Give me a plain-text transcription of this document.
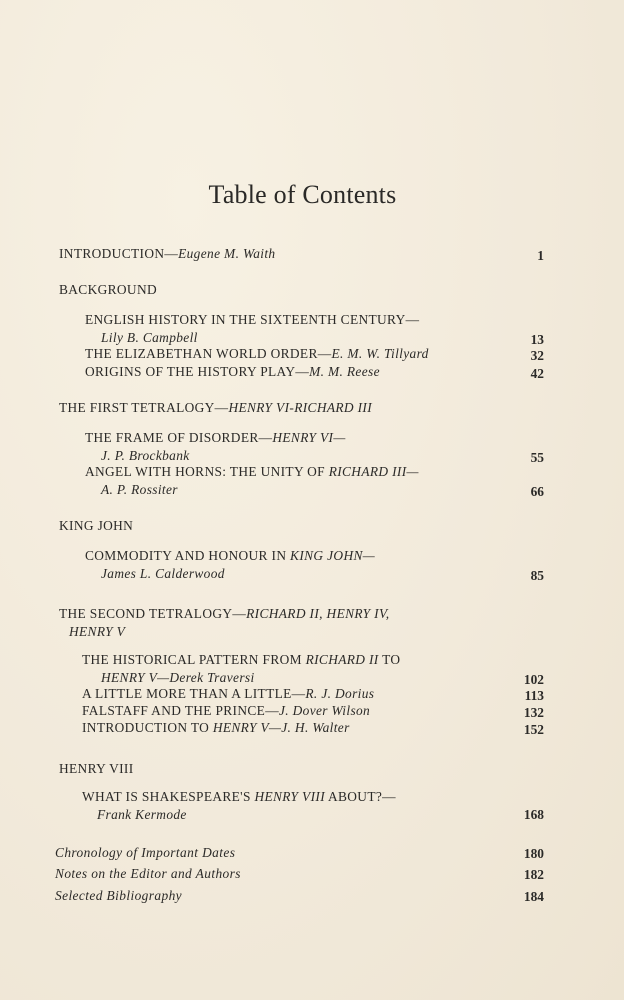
Table of Contents
INTRODUCTION—Eugene M. Waith	1
BACKGROUND
ENGLISH HISTORY IN THE SIXTEENTH CENTURY—
Lily B. Campbell	13
THE ELIZABETHAN WORLD ORDER—E. M. W. Tillyard	32
ORIGINS OF THE HISTORY PLAY—M. M. Reese	42
THE FIRST TETRALOGY—HENRY VI-RICHARD III
THE FRAME OF DISORDER—HENRY VI—
J. P. Brockbank	55
ANGEL WITH HORNS: THE UNITY OF RICHARD III—
A. P. Rossiter	66
KING JOHN
COMMODITY AND HONOUR IN KING JOHN—
James L. Calderwood	85
THE SECOND TETRALOGY—RICHARD II, HENRY IV,
HENRY V
THE HISTORICAL PATTERN FROM RICHARD II TO
HENRY V—Derek Traversi	102
A LITTLE MORE THAN A LITTLE—R. J. Dorius	113
FALSTAFF AND THE PRINCE—J. Dover Wilson	132
INTRODUCTION TO HENRY V—J. H. Walter	152
HENRY VIII
WHAT IS SHAKESPEARE'S HENRY VIII ABOUT?—
Frank Kermode	168
Chronology of Important Dates	180
Notes on the Editor and Authors	182
Selected Bibliography	184
